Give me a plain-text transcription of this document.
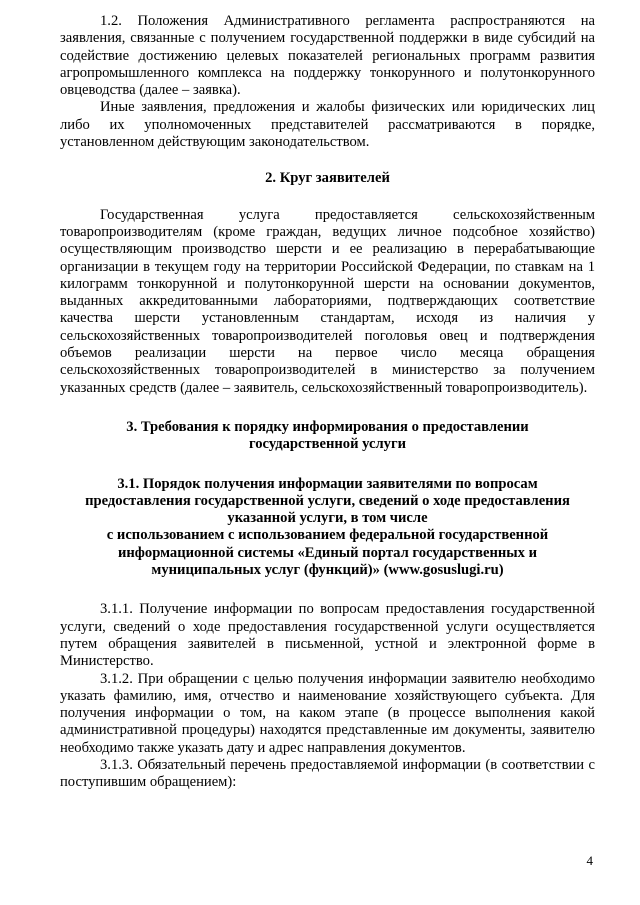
1.2. Положения Административного регламента распространяются на заявления, связанные с получением государственной поддержки в виде субсидий на содействие достижению целевых показателей региональных программ развития агропромышленного комплекса на поддержку тонкорунного и полутонкорунного овцеводства (далее – заявка).

Иные заявления, предложения и жалобы физических или юридических лиц либо их уполномоченных представителей рассматриваются в порядке, установленном действующим законодательством.

2. Круг заявителей

Государственная услуга предоставляется сельскохозяйственным товаропроизводителям (кроме граждан, ведущих личное подсобное хозяйство) осуществляющим производство шерсти и ее реализацию в перерабатывающие организации в текущем году на территории Российской Федерации, по ставкам на 1 килограмм тонкорунной и полутонкорунной шерсти на основании документов, выданных аккредитованными лабораториями, подтверждающих соответствие качества шерсти установленным стандартам, исходя из наличия у сельскохозяйственных товаропроизводителей поголовья овец и подтверждения объемов реализации шерсти на первое число месяца обращения сельскохозяйственных товаропроизводителей в министерство за получением указанных средств (далее – заявитель, сельскохозяйственный товаропроизводитель).

3. Требования к порядку информирования о предоставлении
государственной услуги
3.1. Порядок получения информации заявителями по вопросам
предоставления государственной услуги, сведений о ходе предоставления
указанной услуги, в том числе
с использованием с использованием федеральной государственной
информационной системы «Единый портал государственных и
муниципальных услуг (функций)» (www.gosuslugi.ru)

3.1.1. Получение информации по вопросам предоставления государственной услуги, сведений о ходе предоставления государственной услуги осуществляется путем обращения заявителей в письменной, устной и электронной форме в Министерство.

3.1.2. При обращении с целью получения информации заявителю необходимо указать фамилию, имя, отчество и наименование хозяйствующего субъекта. Для получения информации о том, на каком этапе (в процессе выполнения какой административной процедуры) находятся представленные им документы, заявителю необходимо также указать дату и адрес направления документов.

3.1.3. Обязательный перечень предоставляемой информации (в соответствии с поступившим обращением):

4
